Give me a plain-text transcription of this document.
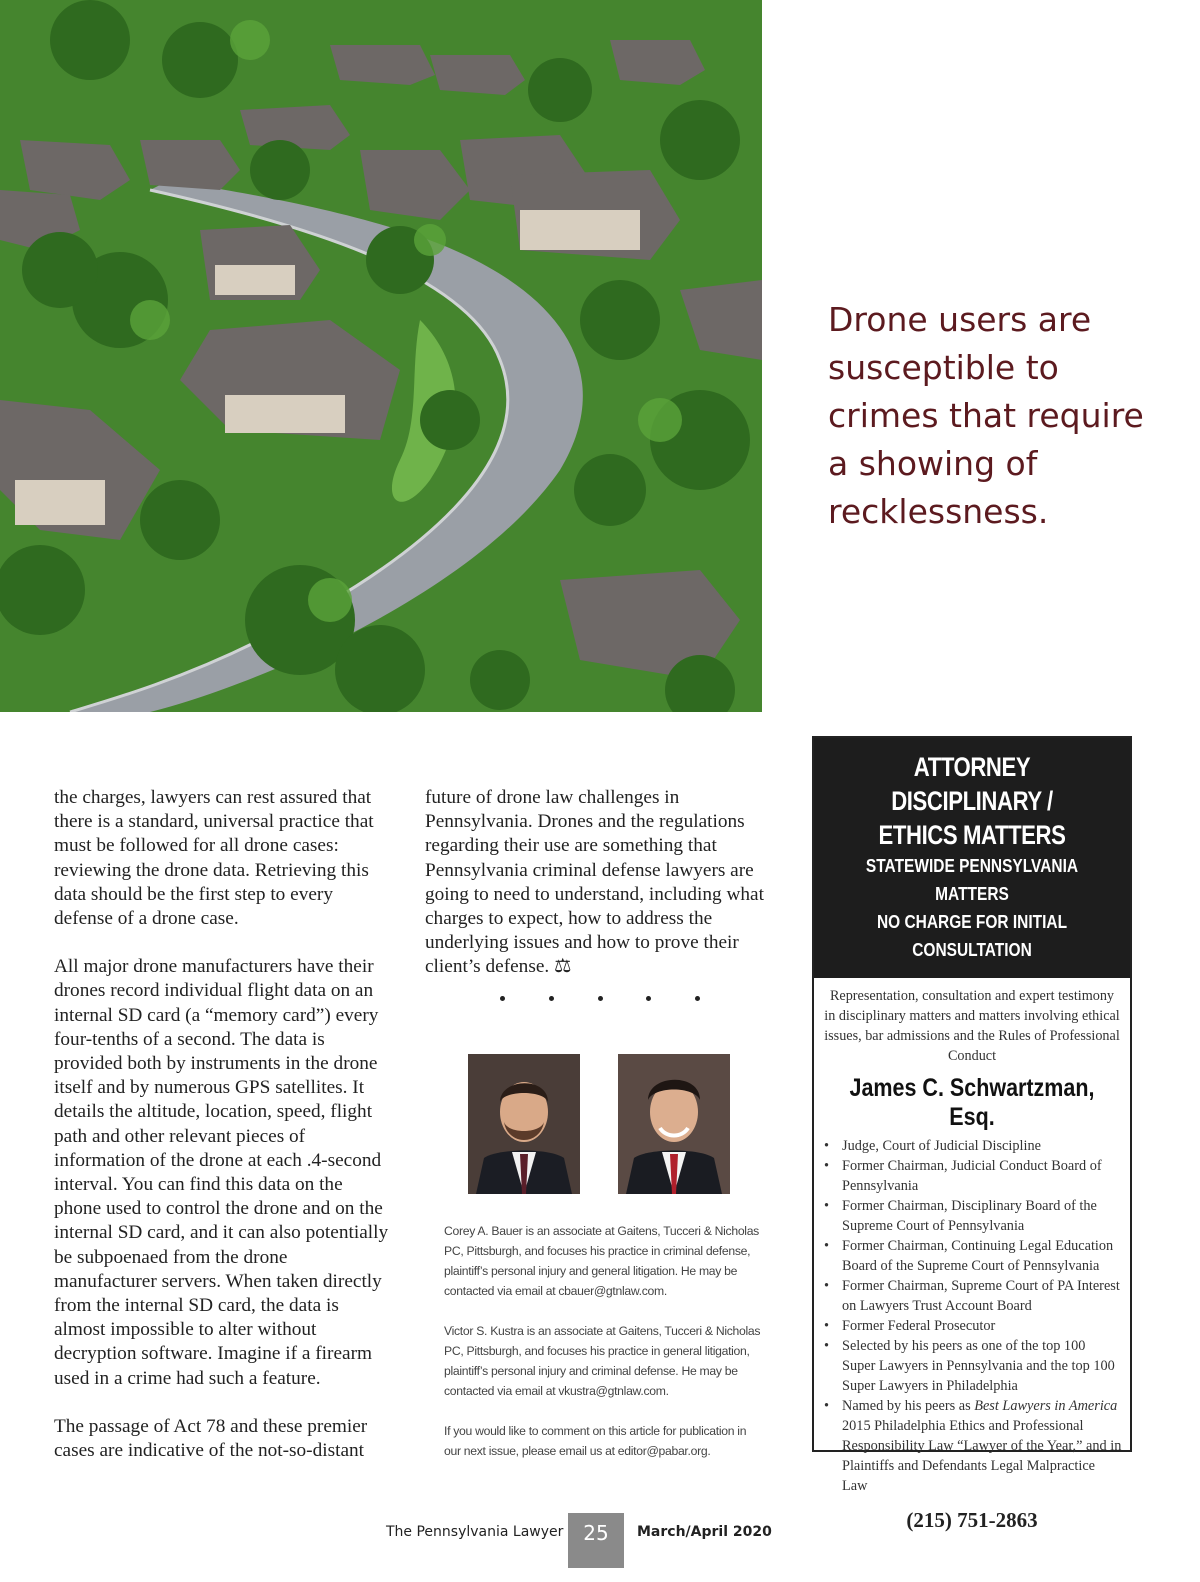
Drone users are susceptible to crimes that require a showing of recklessness.

the charges, lawyers can rest assured that there is a standard, universal practice that must be followed for all drone cases: reviewing the drone data. Retrieving this data should be the first step to every defense of a drone case.

All major drone manufacturers have their drones record individual flight data on an internal SD card (a “memory card”) every four-tenths of a second. The data is provided both by instruments in the drone itself and by numerous GPS satellites. It details the altitude, location, speed, flight path and other relevant pieces of information of the drone at each .4-second interval. You can find this data on the phone used to control the drone and on the internal SD card, and it can also potentially be subpoenaed from the drone manufacturer servers. When taken directly from the internal SD card, the data is almost impossible to alter without decryption software. Imagine if a firearm used in a crime had such a feature.

The passage of Act 78 and these premier cases are indicative of the not-so-distant

future of drone law challenges in Pennsylvania. Drones and the regulations regarding their use are something that Pennsylvania criminal defense lawyers are going to need to understand, including what charges to expect, how to address the underlying issues and how to prove their client’s defense. ⚖

Corey A. Bauer is an associate at Gaitens, Tucceri & Nicholas PC, Pittsburgh, and focuses his practice in criminal defense, plaintiff’s personal injury and general litigation. He may be contacted via email at cbauer@gtnlaw.com.

Victor S. Kustra is an associate at Gaitens, Tucceri & Nicholas PC, Pittsburgh, and focuses his practice in general litigation, plaintiff’s personal injury and criminal defense. He may be contacted via email at vkustra@gtnlaw.com.

If you would like to comment on this article for publication in our next issue, please email us at editor@pabar.org.

ATTORNEY DISCIPLINARY /
ETHICS MATTERS
STATEWIDE PENNSYLVANIA MATTERS
NO CHARGE FOR INITIAL CONSULTATION
Representation, consultation and expert testimony in disciplinary matters and matters involving ethical issues, bar admissions and the Rules of Professional Conduct
James C. Schwartzman, Esq.
• Judge, Court of Judicial Discipline
• Former Chairman, Judicial Conduct Board of Pennsylvania
• Former Chairman, Disciplinary Board of the Supreme Court of Pennsylvania
• Former Chairman, Continuing Legal Education Board of the Supreme Court of Pennsylvania
• Former Chairman, Supreme Court of PA Interest on Lawyers Trust Account Board
• Former Federal Prosecutor
• Selected by his peers as one of the top 100 Super Lawyers in Pennsylvania and the top 100 Super Lawyers in Philadelphia
• Named by his peers as Best Lawyers in America 2015 Philadelphia Ethics and Professional Responsibility Law “Lawyer of the Year,” and in Plaintiffs and Defendants Legal Malpractice Law
(215) 751-2863
The Pennsylvania Lawyer 25	March/April 2020
